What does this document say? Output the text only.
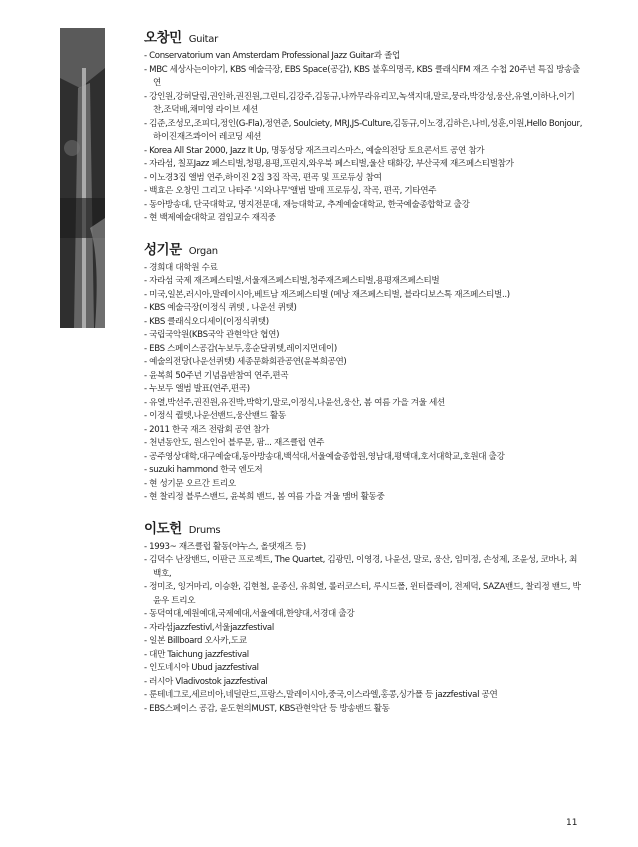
오창민 Guitar
- Conservatorium van Amsterdam Professional Jazz Guitar과 졸업
- MBC 세상사는이야기, KBS 예술극장, EBS Space(공감), KBS 불후의명곡, KBS 클래식FM 재즈 수첩 20주년 특집 방송출연
- 강인원,강허달림,권인하,권진원,그린티,김강주,김동규,나까무라유리꼬,녹색지대,말로,뭉라,박강성,웅산,유열,이하나,이기찬,조덕배,채미영 라이브 세션
- 김준,조성모,조피디,정인(G-Fla),정연준, Soulciety, MRJ,JS-Culture,김동규,이노경,김하은,나비,성훈,이원,Hello Bonjour,하이진재즈콰이어 레코딩 세션
- Korea All Star 2000, Jazz It Up, 명동성당 재즈크리스마스, 예술의전당 토요콘서트 공연 참가
- 자라섬, 칠포Jazz 페스티벌,청평,용평,프린지,와우북 페스티벌,울산 태화강, 부산국제 재즈페스티벌참가
- 이노경3집 앨범 연주,하이진 2집 3집 작곡, 편곡 및 프로듀싱 참여
- 백효은 오창민 그리고 나타주 '시와나무'앨범 발매 프로듀싱, 작곡, 편곡, 기타연주
- 동아방송대, 단국대학교, 명지전문대, 재능대학교, 추계예술대학교, 한국예술종합학교 출강
- 현 백제예술대학교 겸임교수 재직중
성기문 Organ
- 경희대 대학원 수료
- 자라섬 국제 재즈페스티벌,서울재즈페스티벌,청주재즈페스티벌,용평재즈페스티벌
- 미국,일본,러시아,말레이시아,베트남 재즈페스티벌 (메낭 재즈페스티벌, 블라디보스톡 재즈페스티벌..)
- KBS 예술극장(이정식 퀴텟 , 나운선 퀴텟)
- KBS 클래식오디세이(이정식퀴텟)
- 국립국악원(KBS국악 관현악단 협연)
- EBS 스페이스공감(누보두,홍순달퀴텟,레이지먼데이)
- 예술의전당(나운선퀴텟) 세종문화회관공연(윤복희공연)
- 윤복희 50주년 기념음반참여 연주,편곡
- 누보두 앨범 발표(연주,편곡)
- 유열,박선주,권진원,유진박,박학기,말로,이정식,나윤선,웅산, 봄 여름 가을 겨울 세션
- 이정식 퀄텟,나운선밴드,웅산밴드 활동
- 2011 한국 재즈 전람회 공연 참가
- 천년동안도, 원스인어 블루문, 팜... 재즈클럽 연주
- 공주영상대학,대구예술대,동아방송대,백석대,서울예술종합원,영남대,평택대,호서대학교,호원대 출강
- suzuki hammond 한국 엔도저
- 현 성기문 오르간 트리오
- 현 찰리정 블루스밴드, 윤복희 밴드, 봄 여름 가을 겨울 맴버 활동중
이도헌 Drums
- 1993~ 재즈클럽 활동(야누스, 올댓재즈 등)
- 김덕수 난장밴드, 이판근 프로젝트, The Quartet, 김광민, 이영경, 나윤선, 말로, 웅산, 임미정, 손성제, 조윤성, 코바나, 최백호,
- 정미조, 잉거마리, 이승환, 김현철, 윤종신, 유희열, 롤러코스터, 루시드폴, 윈터플레이, 전제덕, SAZA밴드, 찰리정 밴드, 박윤우 트리오
- 동덕여대,예원예대,국제예대,서울예대,한양대,서경대 출강
- 자라섬jazzfestivl,서울jazzfestival
- 일본 Billboard 오사카,도쿄
- 대만 Taichung jazzfestival
- 인도네시아 Ubud jazzfestival
- 러시아 Vladivostok jazzfestival
- 룬테네그로,세르비아,네덜란드,프랑스,말레이시아,중국,이스라엘,홍콩,싱가폴 등 jazzfestival 공연
- EBS스페이스 공감, 윤도현의MUST, KBS관현악단 등 방송밴드 활동
11
